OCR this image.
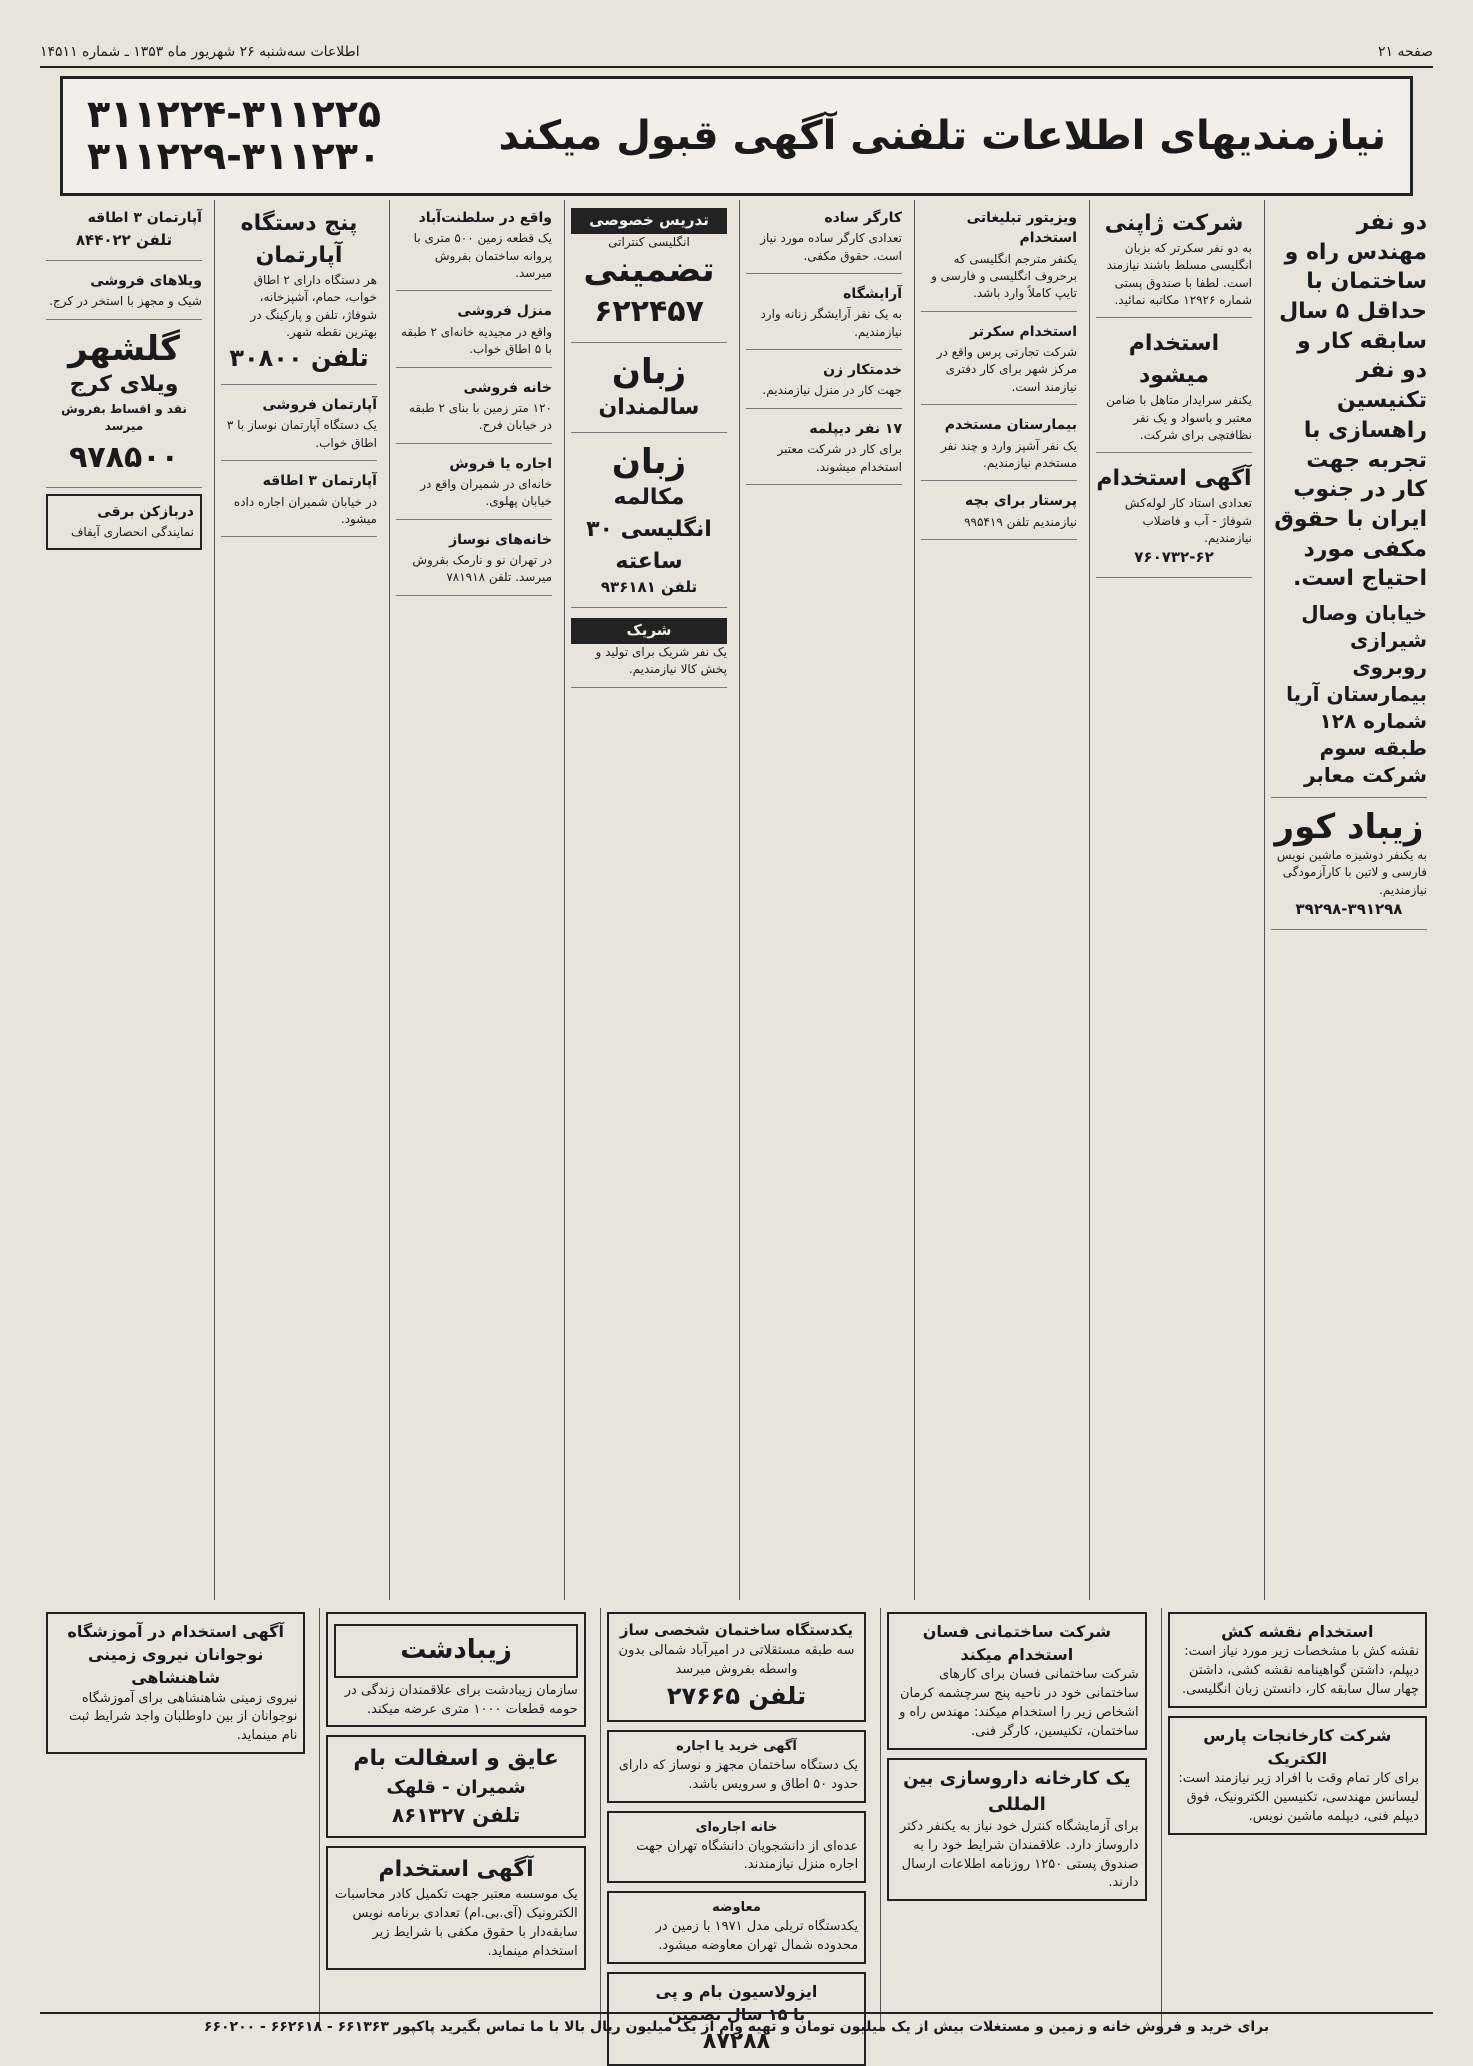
صفحه ۲۱
اطلاعات سه‌شنبه ۲۶ شهریور ماه ۱۳۵۳ ـ شماره ۱۴۵۱۱
نیازمندیهای اطلاعات تلفنی آگهی قبول میکند
۳۱۱۲۲۴-۳۱۱۲۲۵
۳۱۱۲۲۹-۳۱۱۲۳۰
دو نفر مهندس راه و ساختمان با حداقل ۵ سال سابقه کار و دو نفر تکنیسین راهسازی با تجربه جهت کار در جنوب ایران با حقوق مکفی مورد احتیاج است.
خیابان وصال شیرازی روبروی بیمارستان آریا شماره ۱۲۸ طبقه سوم شرکت معابر
زیباد کور
به یکنفر دوشیزه ماشین نویس فارسی و لاتین با کارآزمودگی نیازمندیم.
۳۹۲۹۸-۳۹۱۲۹۸
شرکت ژاپنی
به دو نفر سکرتر که بزبان انگلیسی مسلط باشند نیازمند است. لطفا با صندوق پستی شماره ۱۲۹۲۶ مکاتبه نمائید.
استخدام میشود
یکنفر سرایدار متاهل با ضامن معتبر و باسواد و یک نفر نظافتچی برای شرکت.
آگهی استخدام
تعدادی استاد کار لوله‌کش شوفاژ - آب و فاضلاب نیازمندیم.
۷۶۰۷۳۲-۶۲
ویزیتور تبلیغاتی استخدام
یکنفر مترجم انگلیسی که برحروف انگلیسی و فارسی و تایپ کاملاً وارد باشد.
استخدام سکرتر
شرکت تجارتی پرس واقع در مرکز شهر برای کار دفتری نیازمند است.
بیمارستان مستخدم
یک نفر آشپز وارد و چند نفر مستخدم نیازمندیم.
پرستار برای بچه
نیازمندیم تلفن ۹۹۵۴۱۹
کارگر ساده
تعدادی کارگر ساده مورد نیاز است. حقوق مکفی.
آرایشگاه
به یک نفر آرایشگر زنانه وارد نیازمندیم.
خدمتکار زن
جهت کار در منزل نیازمندیم.
۱۷ نفر دیپلمه
برای کار در شرکت معتبر استخدام میشوند.
تدریس خصوصی
انگلیسی کنتراتی
تضمینی
۶۲۲۴۵۷
زبان
سالمندان
زبان
مکالمه انگلیسی ۳۰ ساعته
تلفن ۹۳۶۱۸۱
شریک
یک نفر شریک برای تولید و پخش کالا نیازمندیم.
واقع در سلطنت‌آباد
یک قطعه زمین ۵۰۰ متری با پروانه ساختمان بفروش میرسد.
منزل فروشی
واقع در مجیدیه خانه‌ای ۲ طبقه با ۵ اطاق خواب.
خانه فروشی
۱۲۰ متر زمین با بنای ۲ طبقه در خیابان فرح.
اجاره یا فروش
خانه‌ای در شمیران واقع در خیابان پهلوی.
خانه‌های نوساز
در تهران نو و نارمک بفروش میرسد. تلفن ۷۸۱۹۱۸
پنج دستگاه آپارتمان
هر دستگاه دارای ۲ اطاق خواب، حمام، آشپزخانه، شوفاژ، تلفن و پارکینگ در بهترین نقطه شهر.
تلفن ۳۰۸۰۰
آپارتمان فروشی
یک دستگاه آپارتمان نوساز با ۳ اطاق خواب.
آپارتمان ۳ اطاقه
در خیابان شمیران اجاره داده میشود.
آپارتمان ۳ اطاقه
تلفن ۸۴۴۰۲۲
ویلاهای فروشی
شیک و مجهز با استخر در کرج.
گلشهر
ویلای کرج
نقد و اقساط بفروش میرسد
۹۷۸۵۰۰
دربازکن برقی
نمایندگی انحصاری آیفاف
استخدام نقشه کش
نقشه کش با مشخصات زیر مورد نیاز است: دیپلم، داشتن گواهینامه نقشه کشی، داشتن چهار سال سابقه کار، دانستن زبان انگلیسی.
شرکت کارخانجات پارس الکتریک
برای کار تمام وقت با افراد زیر نیازمند است: لیسانس مهندسی، تکنیسین الکترونیک، فوق دیپلم فنی، دیپلمه ماشین نویس.
شرکت ساختمانی فسان استخدام میکند
شرکت ساختمانی فسان برای کارهای ساختمانی خود در ناحیه پنج سرچشمه کرمان اشخاص زیر را استخدام میکند: مهندس راه و ساختمان، تکنیسین، کارگر فنی.
یک کارخانه داروسازی بین المللی
برای آزمایشگاه کنترل خود نیاز به یکنفر دکتر داروساز دارد. علاقمندان شرایط خود را به صندوق پستی ۱۲۵۰ روزنامه اطلاعات ارسال دارند.
یکدستگاه ساختمان شخصی ساز
سه طبقه مستقلاتی در امیرآباد شمالی بدون واسطه بفروش میرسد
تلفن ۲۷۶۶۵
آگهی خرید یا اجاره
یک دستگاه ساختمان مجهز و نوساز که دارای حدود ۵۰ اطاق و سرویس باشد.
خانه اجاره‌ای
عده‌ای از دانشجویان دانشگاه تهران جهت اجاره منزل نیازمندند.
معاوضه
یکدستگاه تریلی مدل ۱۹۷۱ با زمین در محدوده شمال تهران معاوضه میشود.
ایزولاسیون بام و پی
با ۱۵ سال تضمین
۸۷۲۸۸
زیبادشت
سازمان زیبادشت برای علاقمندان زندگی در حومه قطعات ۱۰۰۰ متری عرضه میکند.
عایق و اسفالت بام
شمیران - قلهک
تلفن ۸۶۱۳۲۷
آگهی استخدام
یک موسسه معتبر جهت تکمیل کادر محاسبات الکترونیک (آی.بی.ام) تعدادی برنامه نویس سابقه‌دار با حقوق مکفی با شرایط زیر استخدام مینماید.
آگهی استخدام در آموزشگاه نوجوانان نیروی زمینی شاهنشاهی
نیروی زمینی شاهنشاهی برای آموزشگاه نوجوانان از بین داوطلبان واجد شرایط ثبت نام مینماید.
برای خرید و فروش خانه و زمین و مستغلات بیش از یک میلیون تومان و تهیه وام از یک میلیون ریال بالا با ما تماس بگیرید پاکپور ۶۶۱۳۶۳ - ۶۶۲۶۱۸ - ۶۶۰۲۰۰
